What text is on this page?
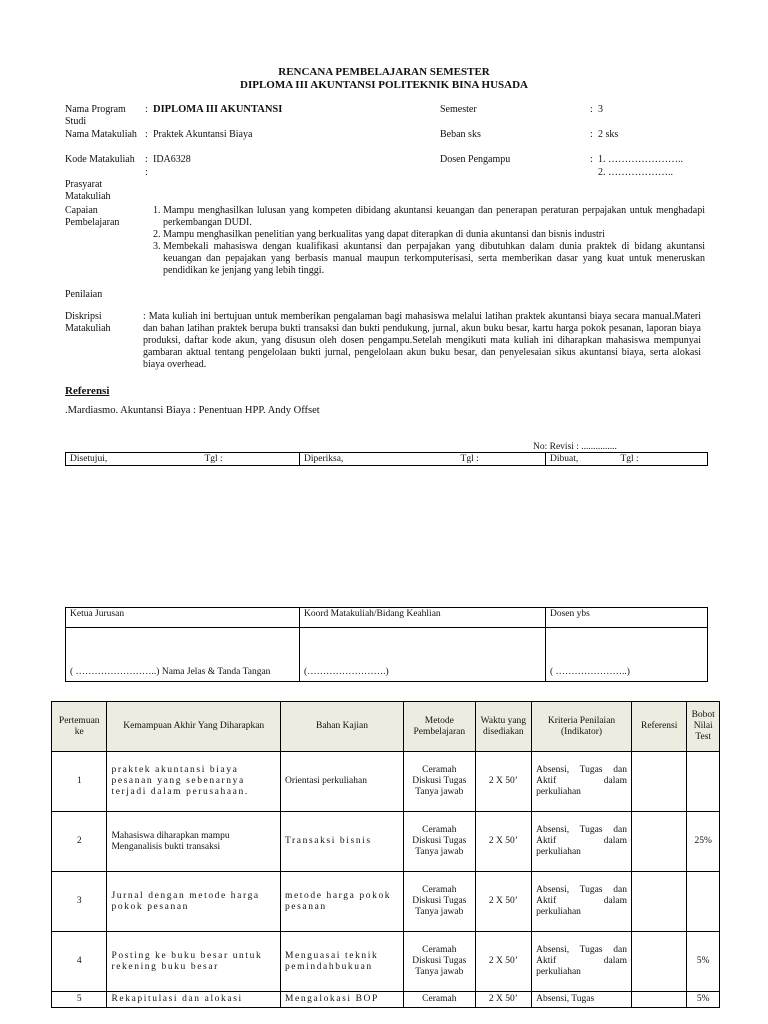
RENCANA PEMBELAJARAN SEMESTER
DIPLOMA III AKUNTANSI POLITEKNIK BINA HUSADA
Nama Program Studi
: DIPLOMA III AKUNTANSI
Nama Matakuliah : Praktek Akuntansi Biaya
Kode Matakuliah	: IDA6328
Prasyarat Matakuliah
:
Semester	: 3
Beban sks	: 2 sks
Dosen Pengampu	: 1. …………………..
2. ………………..
Capaian Pembelajaran
1. Mampu menghasilkan lulusan yang kompeten dibidang akuntansi keuangan dan penerapan peraturan perpajakan untuk menghadapi perkembangan DUDI.
2. Mampu menghasilkan penelitian yang berkualitas yang dapat diterapkan di dunia akuntansi dan bisnis industri
3. Membekali mahasiswa dengan kualifikasi akuntansi dan perpajakan yang dibutuhkan dalam dunia praktek di bidang akuntansi keuangan dan pepajakan yang berbasis manual maupun terkomputerisasi, serta memberikan dasar yang kuat untuk meneruskan pendidikan ke jenjang yang lebih tinggi.
Penilaian
Diskripsi Matakuliah
: Mata kuliah ini bertujuan untuk memberikan pengalaman bagi mahasiswa melalui latihan praktek akuntansi biaya secara manual.Materi dan bahan latihan praktek berupa bukti transaksi dan bukti pendukung, jurnal, akun buku besar, kartu harga pokok pesanan, laporan biaya produksi, daftar kode akun, yang disusun oleh dosen pengampu.Setelah mengikuti mata kuliah ini diharapkan mahasiswa mempunyai gambaran aktual tentang pengelolaan bukti jurnal, pengelolaan akun buku besar, dan penyelesaian sikus akuntansi biaya, serta alokasi biaya overhead.
Referensi
.Mardiasmo. Akuntansi Biaya : Penentuan HPP. Andy Offset
No: Revisi : ...............
Disetujui,	Tgl :	Diperiksa,	Tgl :	Dibuat,	Tgl :
Ketua Jurusan	Koord Matakuliah/Bidang Keahlian	Dosen ybs
( ……………………..) Nama Jelas & Tanda Tangan	(…………………….)	( …………………..)
Pertemuan ke	Kemampuan Akhir Yang Diharapkan	Bahan Kajian	Metode Pembelajaran	Waktu yang disediakan	Kriteria Penilaian (Indikator)	Referensi	Bobot Nilai Test
1	praktek akuntansi biaya pesanan yang sebenarnya terjadi dalam perusahaan.	Orientasi perkuliahan	Ceramah Diskusi Tugas Tanya jawab	2 X 50’	Absensi, Tugas dan Aktif dalam perkuliahan		
2	Mahasiswa diharapkan mampu Menganalisis bukti transaksi	Transaksi bisnis	Ceramah Diskusi Tugas Tanya jawab	2 X 50’	Absensi, Tugas dan Aktif dalam perkuliahan		25%
3	Jurnal dengan metode harga pokok pesanan	metode harga pokok pesanan	Ceramah Diskusi Tugas Tanya jawab	2 X 50’	Absensi, Tugas dan Aktif dalam perkuliahan		
4	Posting ke buku besar untuk rekening buku besar	Menguasai teknik pemindahbukuan	Ceramah Diskusi Tugas Tanya jawab	2 X 50’	Absensi, Tugas dan Aktif dalam perkuliahan		5%
5	Rekapitulasi dan alokasi	Mengalokasi BOP	Ceramah	2 X 50’	Absensi, Tugas		5%
